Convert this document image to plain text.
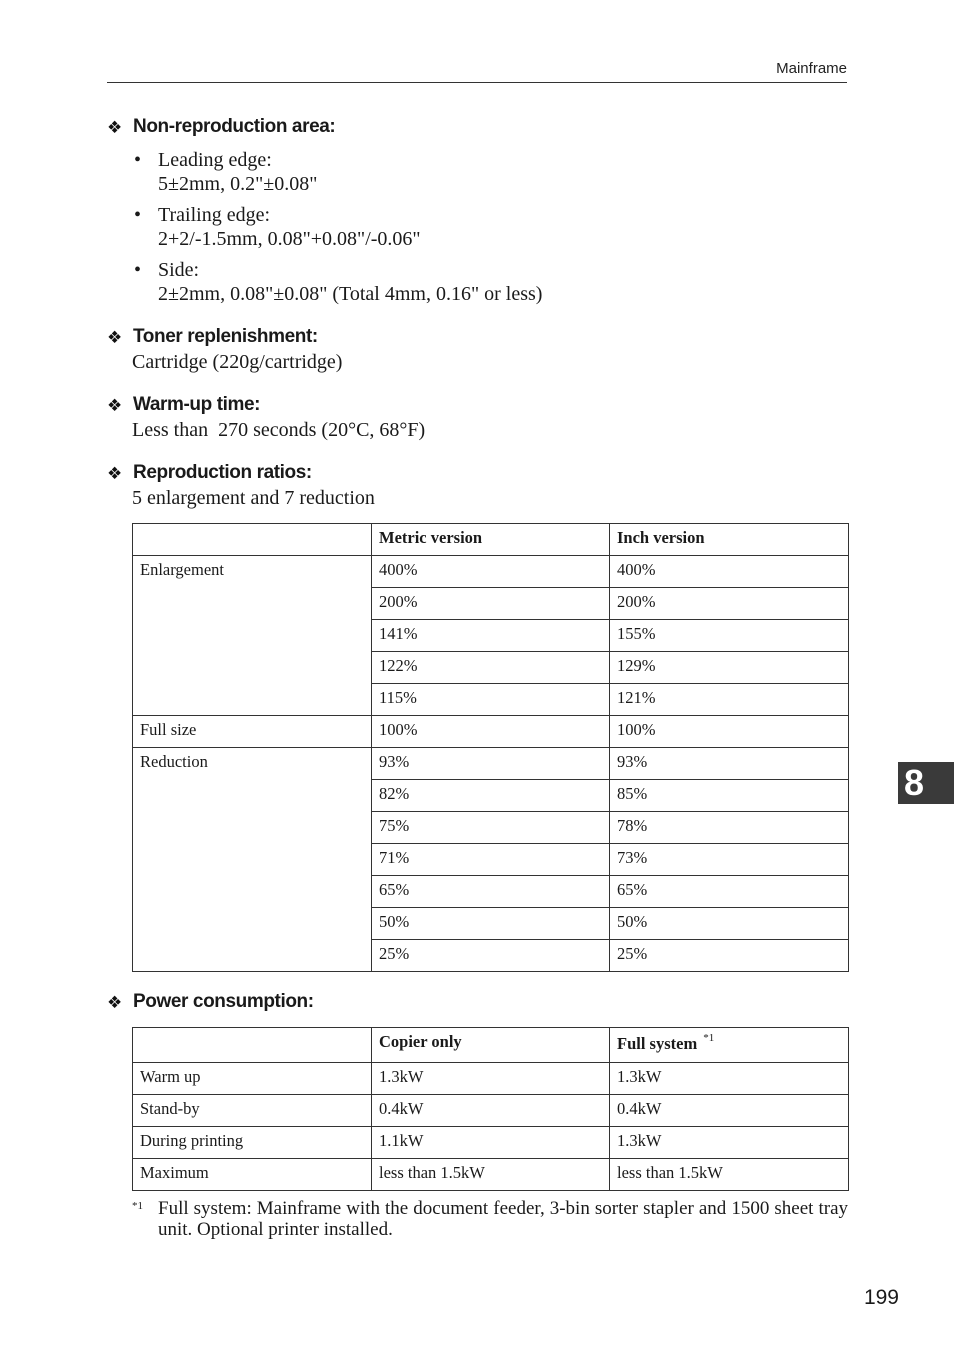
Mainframe
❖ Non-reproduction area:
• Leading edge:
5±2mm, 0.2"±0.08"
• Trailing edge:
2+2/-1.5mm, 0.08"+0.08"/-0.06"
• Side:
2±2mm, 0.08"±0.08" (Total 4mm, 0.16" or less)
❖ Toner replenishment:
Cartridge (220g/cartridge)
❖ Warm-up time:
Less than  270 seconds (20°C, 68°F)
❖ Reproduction ratios:
5 enlargement and 7 reduction
	Metric version	Inch version
Enlargement	400%	400%
	200%	200%
	141%	155%
	122%	129%
	115%	121%
Full size	100%	100%
Reduction	93%	93%
	82%	85%
	75%	78%
	71%	73%
	65%	65%
	50%	50%
	25%	25%
❖ Power consumption:
	Copier only	Full system $^{*1}$
Warm up	1.3kW	1.3kW
Stand-by	0.4kW	0.4kW
During printing	1.1kW	1.3kW
Maximum	less than 1.5kW	less than 1.5kW
*1 Full system: Mainframe with the document feeder, 3-bin sorter stapler and 1500 sheet tray unit. Optional printer installed.
8
199
